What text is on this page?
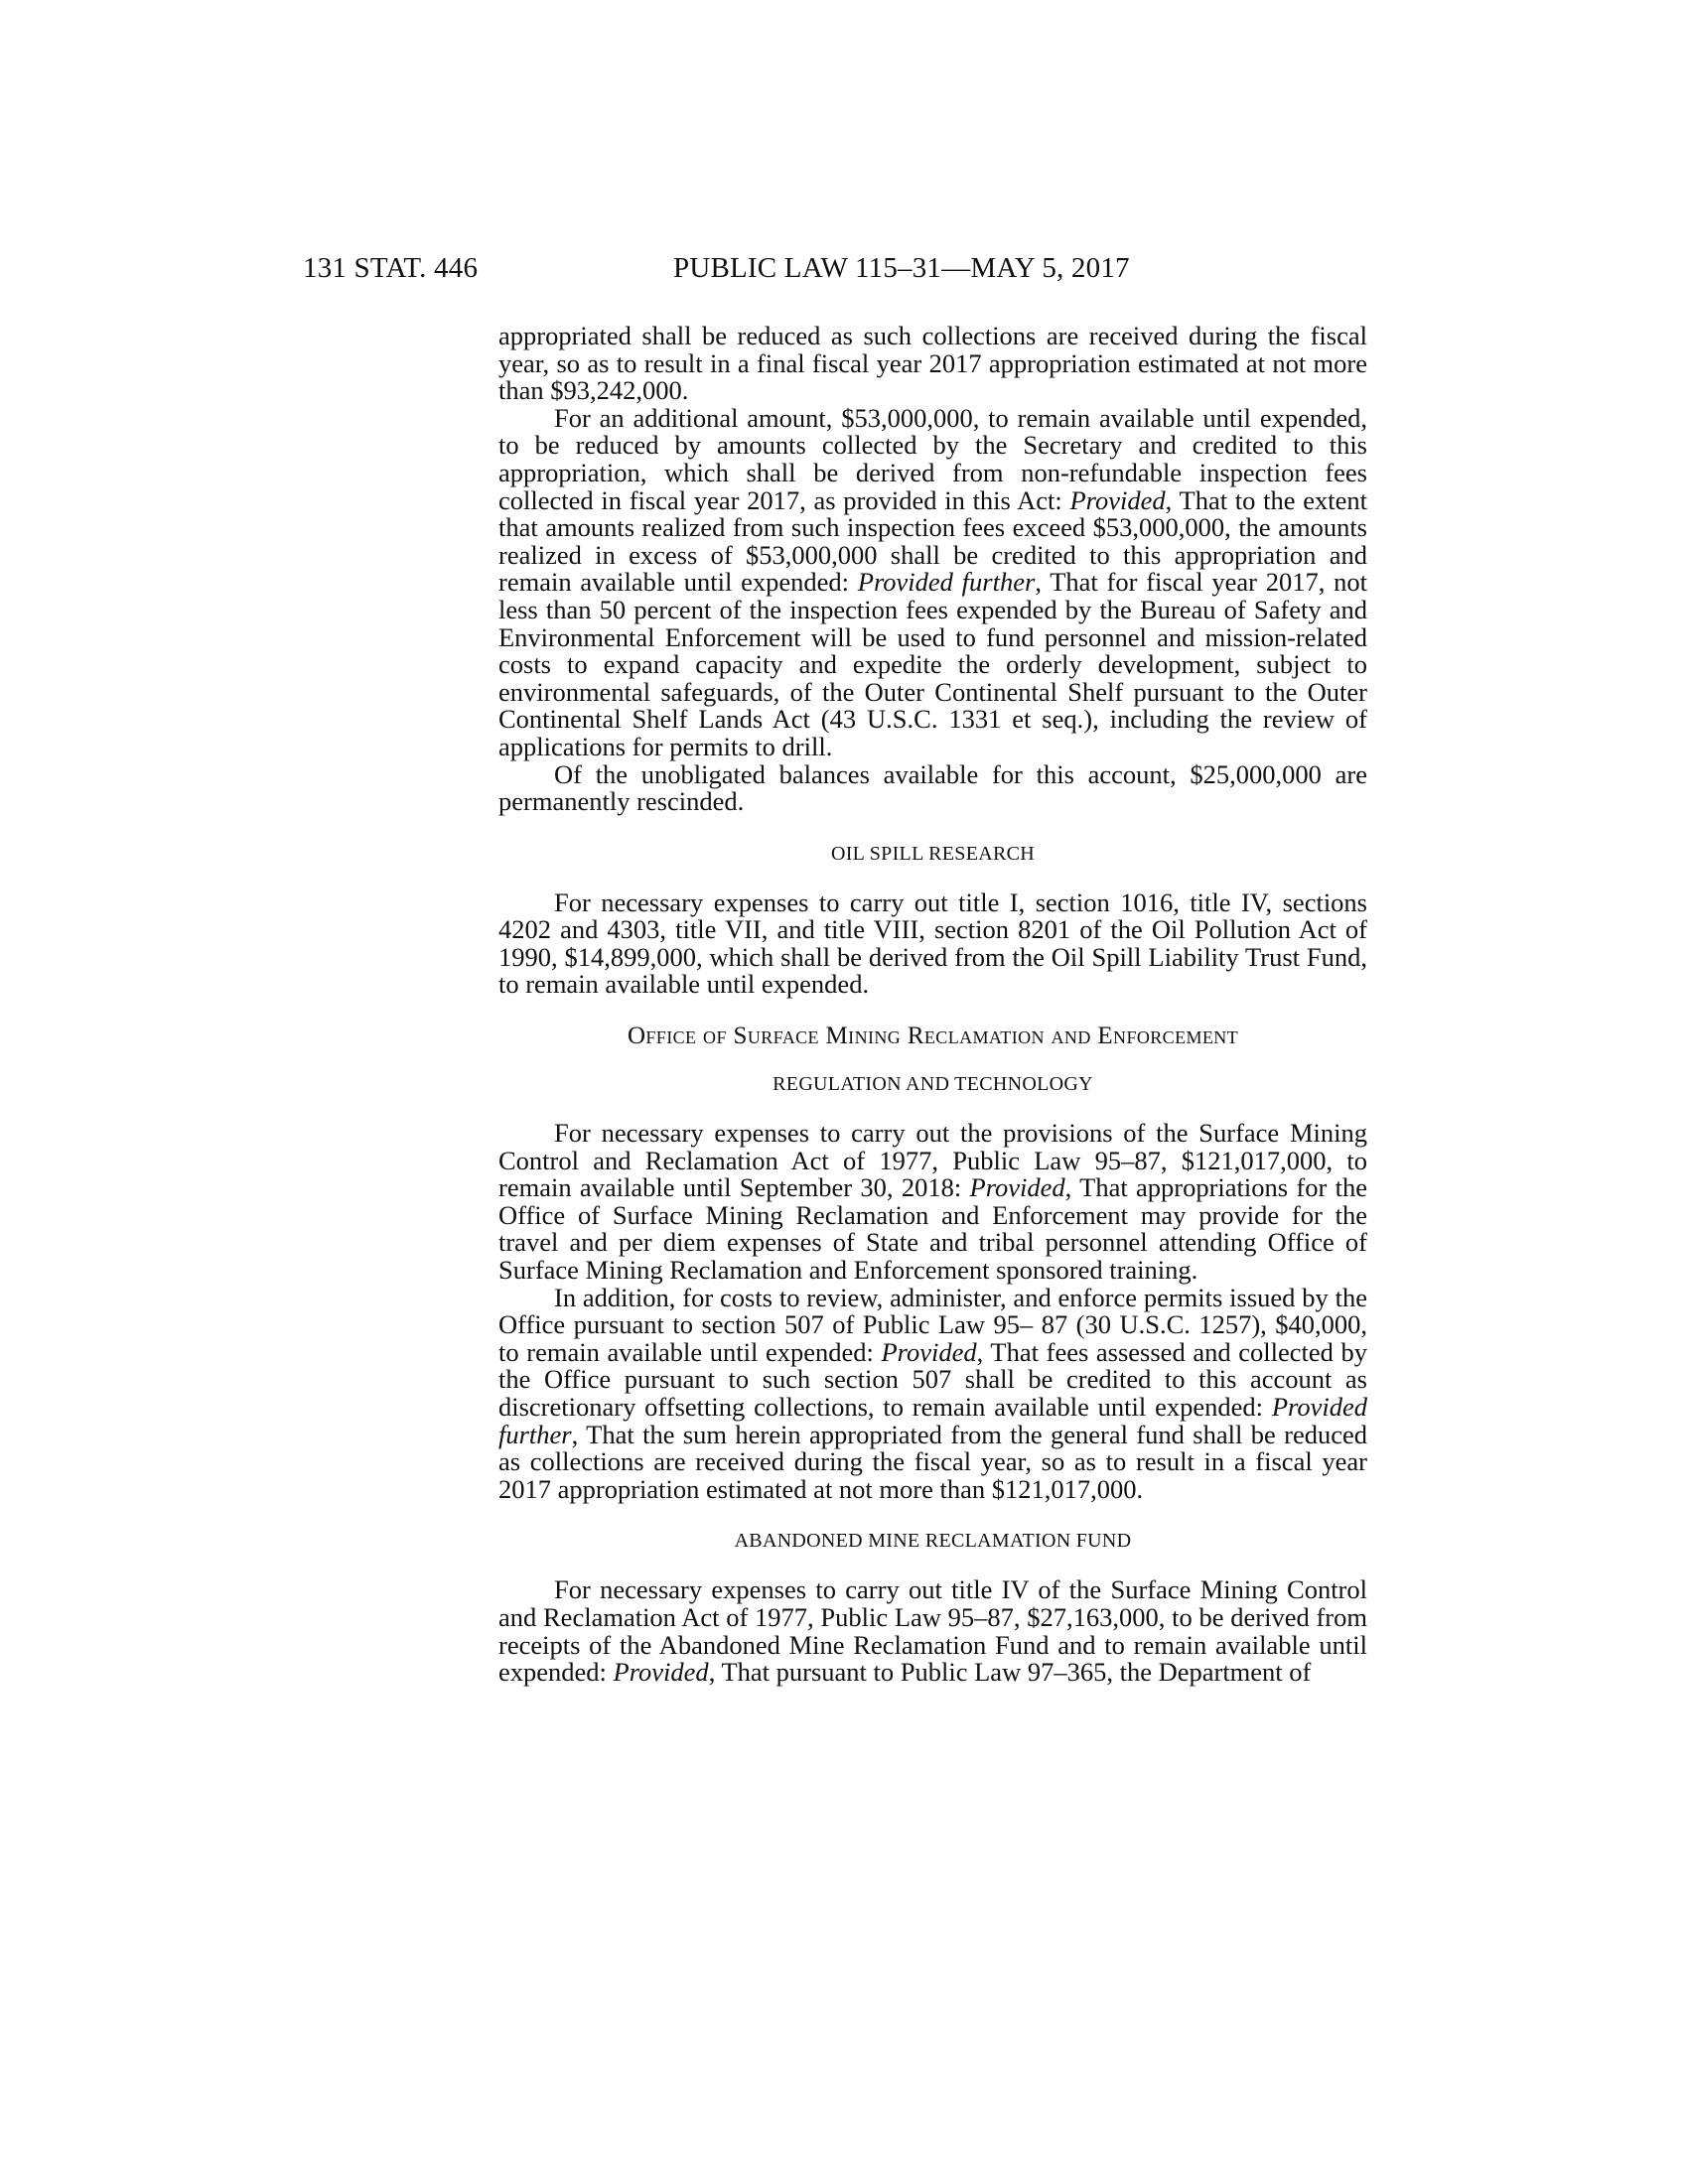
131 STAT. 446	PUBLIC LAW 115–31—MAY 5, 2017

appropriated shall be reduced as such collections are received during the fiscal year, so as to result in a final fiscal year 2017 appropriation estimated at not more than $93,242,000.

For an additional amount, $53,000,000, to remain available until expended, to be reduced by amounts collected by the Secretary and credited to this appropriation, which shall be derived from non-refundable inspection fees collected in fiscal year 2017, as provided in this Act: Provided, That to the extent that amounts realized from such inspection fees exceed $53,000,000, the amounts realized in excess of $53,000,000 shall be credited to this appropriation and remain available until expended: Provided further, That for fiscal year 2017, not less than 50 percent of the inspection fees expended by the Bureau of Safety and Environmental Enforcement will be used to fund personnel and mission-related costs to expand capacity and expedite the orderly development, subject to environmental safeguards, of the Outer Continental Shelf pursuant to the Outer Continental Shelf Lands Act (43 U.S.C. 1331 et seq.), including the review of applications for permits to drill.

Of the unobligated balances available for this account, $25,000,000 are permanently rescinded.

OIL SPILL RESEARCH

For necessary expenses to carry out title I, section 1016, title IV, sections 4202 and 4303, title VII, and title VIII, section 8201 of the Oil Pollution Act of 1990, $14,899,000, which shall be derived from the Oil Spill Liability Trust Fund, to remain available until expended.

Office of Surface Mining Reclamation and Enforcement
REGULATION AND TECHNOLOGY

For necessary expenses to carry out the provisions of the Surface Mining Control and Reclamation Act of 1977, Public Law 95–87, $121,017,000, to remain available until September 30, 2018: Provided, That appropriations for the Office of Surface Mining Reclamation and Enforcement may provide for the travel and per diem expenses of State and tribal personnel attending Office of Surface Mining Reclamation and Enforcement sponsored training.

In addition, for costs to review, administer, and enforce permits issued by the Office pursuant to section 507 of Public Law 95– 87 (30 U.S.C. 1257), $40,000, to remain available until expended: Provided, That fees assessed and collected by the Office pursuant to such section 507 shall be credited to this account as discretionary offsetting collections, to remain available until expended: Provided further, That the sum herein appropriated from the general fund shall be reduced as collections are received during the fiscal year, so as to result in a fiscal year 2017 appropriation estimated at not more than $121,017,000.

ABANDONED MINE RECLAMATION FUND

For necessary expenses to carry out title IV of the Surface Mining Control and Reclamation Act of 1977, Public Law 95–87, $27,163,000, to be derived from receipts of the Abandoned Mine Reclamation Fund and to remain available until expended: Provided, That pursuant to Public Law 97–365, the Department of
